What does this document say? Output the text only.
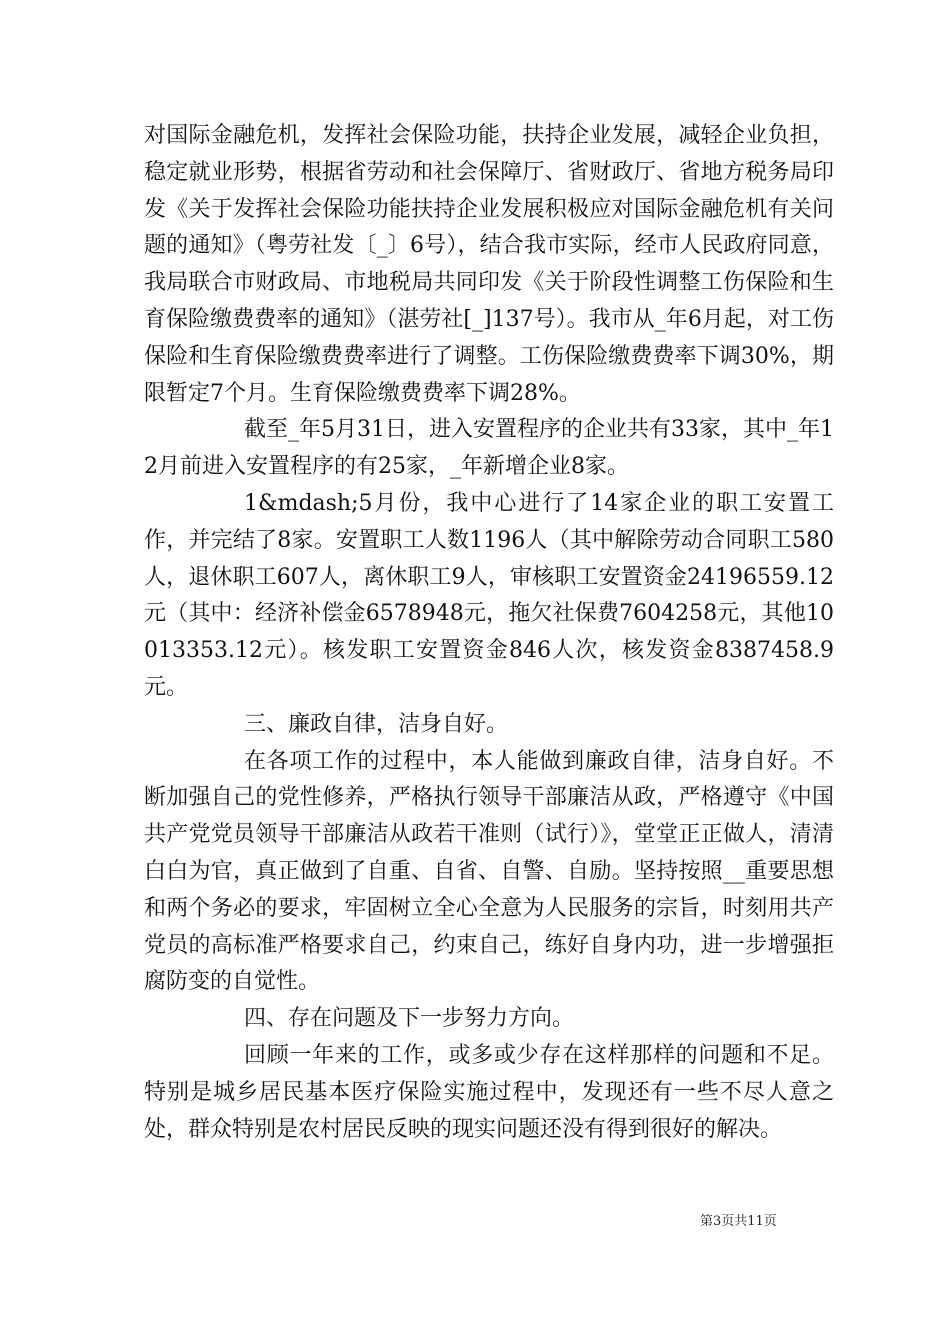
对国际金融危机，发挥社会保险功能，扶持企业发展，减轻企业负担，稳定就业形势，根据省劳动和社会保障厅、省财政厅、省地方税务局印发《关于发挥社会保险功能扶持企业发展积极应对国际金融危机有关问题的通知》（粤劳社发〔_〕6号），结合我市实际，经市人民政府同意，我局联合市财政局、市地税局共同印发《关于阶段性调整工伤保险和生育保险缴费费率的通知》（湛劳社[_]137号）。我市从_年6月起，对工伤保险和生育保险缴费费率进行了调整。工伤保险缴费费率下调30%，期限暂定7个月。生育保险缴费费率下调28%。

截至_年5月31日，进入安置程序的企业共有33家，其中_年12月前进入安置程序的有25家，_年新增企业8家。

1&mdash;5月份，我中心进行了14家企业的职工安置工作，并完结了8家。安置职工人数1196人（其中解除劳动合同职工580人，退休职工607人，离休职工9人，审核职工安置资金24196559.12元（其中：经济补偿金6578948元，拖欠社保费7604258元，其他10013353.12元）。核发职工安置资金846人次，核发资金8387458.9元。

三、廉政自律，洁身自好。

在各项工作的过程中，本人能做到廉政自律，洁身自好。不断加强自己的党性修养，严格执行领导干部廉洁从政，严格遵守《中国共产党党员领导干部廉洁从政若干准则（试行）》，堂堂正正做人，清清白白为官，真正做到了自重、自省、自警、自励。坚持按照__重要思想和两个务必的要求，牢固树立全心全意为人民服务的宗旨，时刻用共产党员的高标准严格要求自己，约束自己，练好自身内功，进一步增强拒腐防变的自觉性。

四、存在问题及下一步努力方向。

回顾一年来的工作，或多或少存在这样那样的问题和不足。特别是城乡居民基本医疗保险实施过程中，发现还有一些不尽人意之处，群众特别是农村居民反映的现实问题还没有得到很好的解决。

第3页共11页
